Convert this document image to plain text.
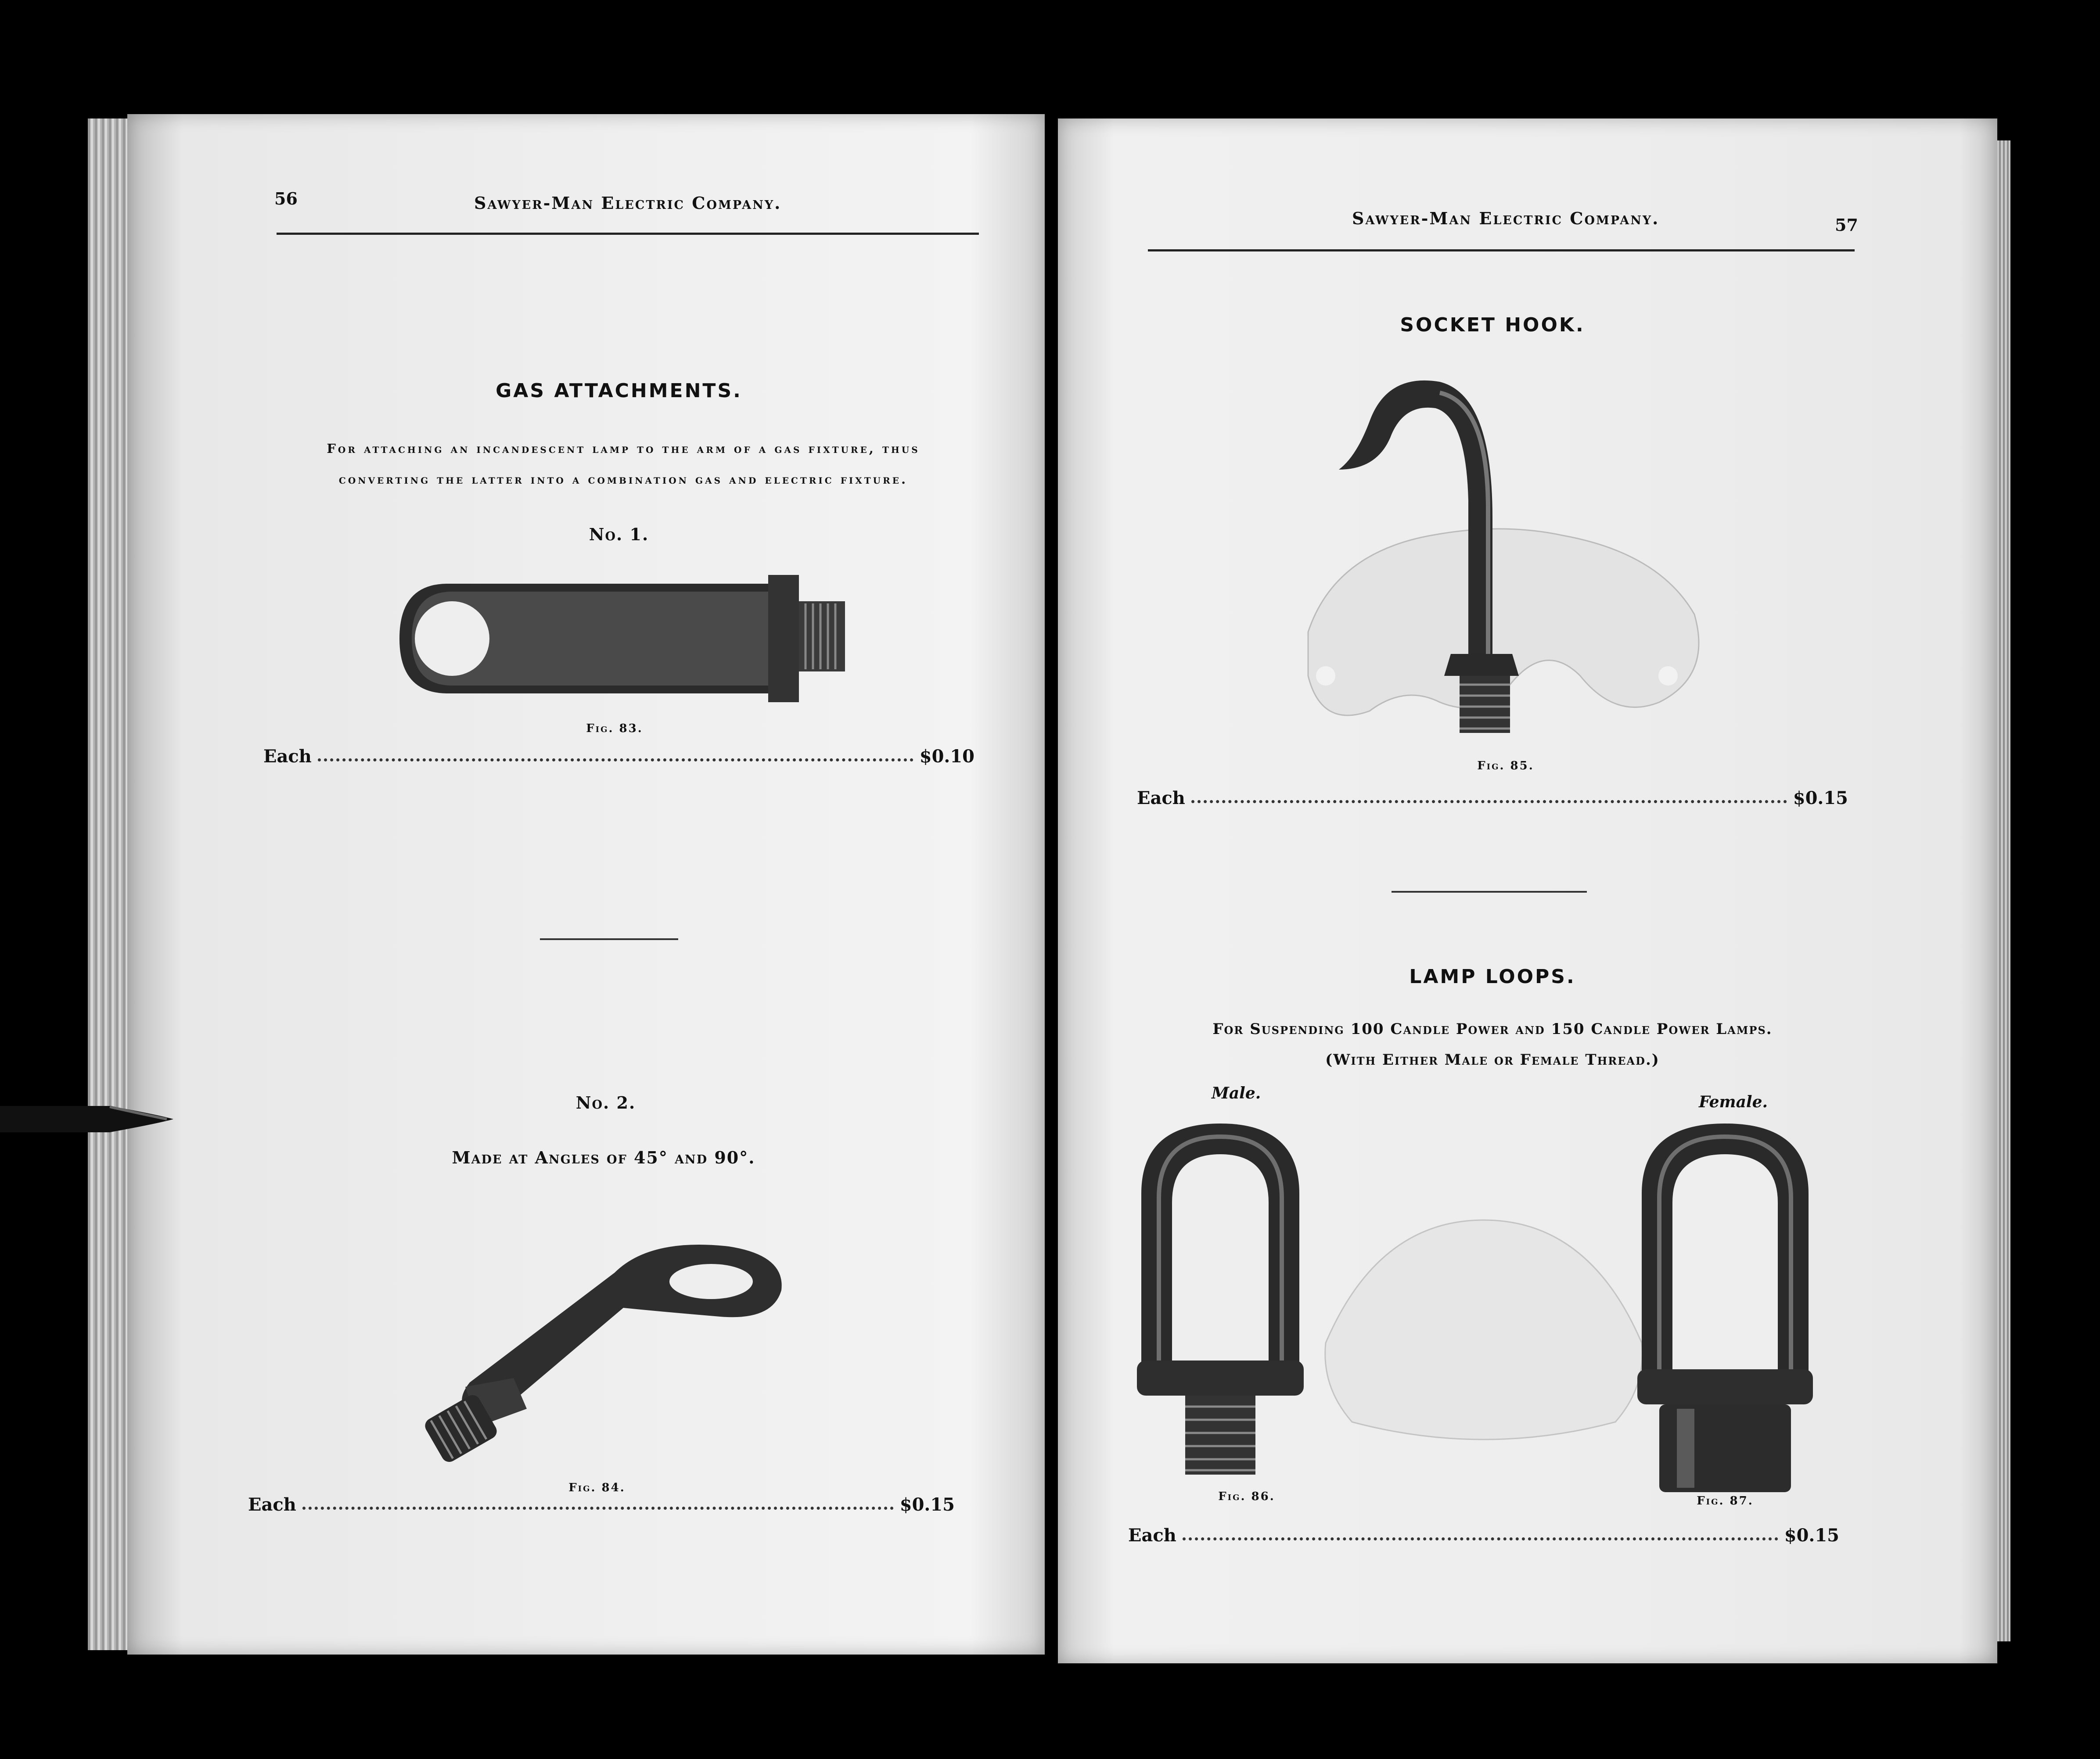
56	Sawyer-Man Electric Company.
GAS ATTACHMENTS.
For attaching an incandescent lamp to the arm of a gas fixture, thus
converting the latter into a combination gas and electric fixture.
No. 1.
Fig. 83.
Each	$0.10
No. 2.
Made at Angles of 45° and 90°.
Fig. 84.
Each	$0.15
Sawyer-Man Electric Company.	57
SOCKET HOOK.
Fig. 85.
Each	$0.15
LAMP LOOPS.
For Suspending 100 Candle Power and 150 Candle Power Lamps.
(With Either Male or Female Thread.)
Male.	Female.
Fig. 86.	Fig. 87.
Each	$0.15
